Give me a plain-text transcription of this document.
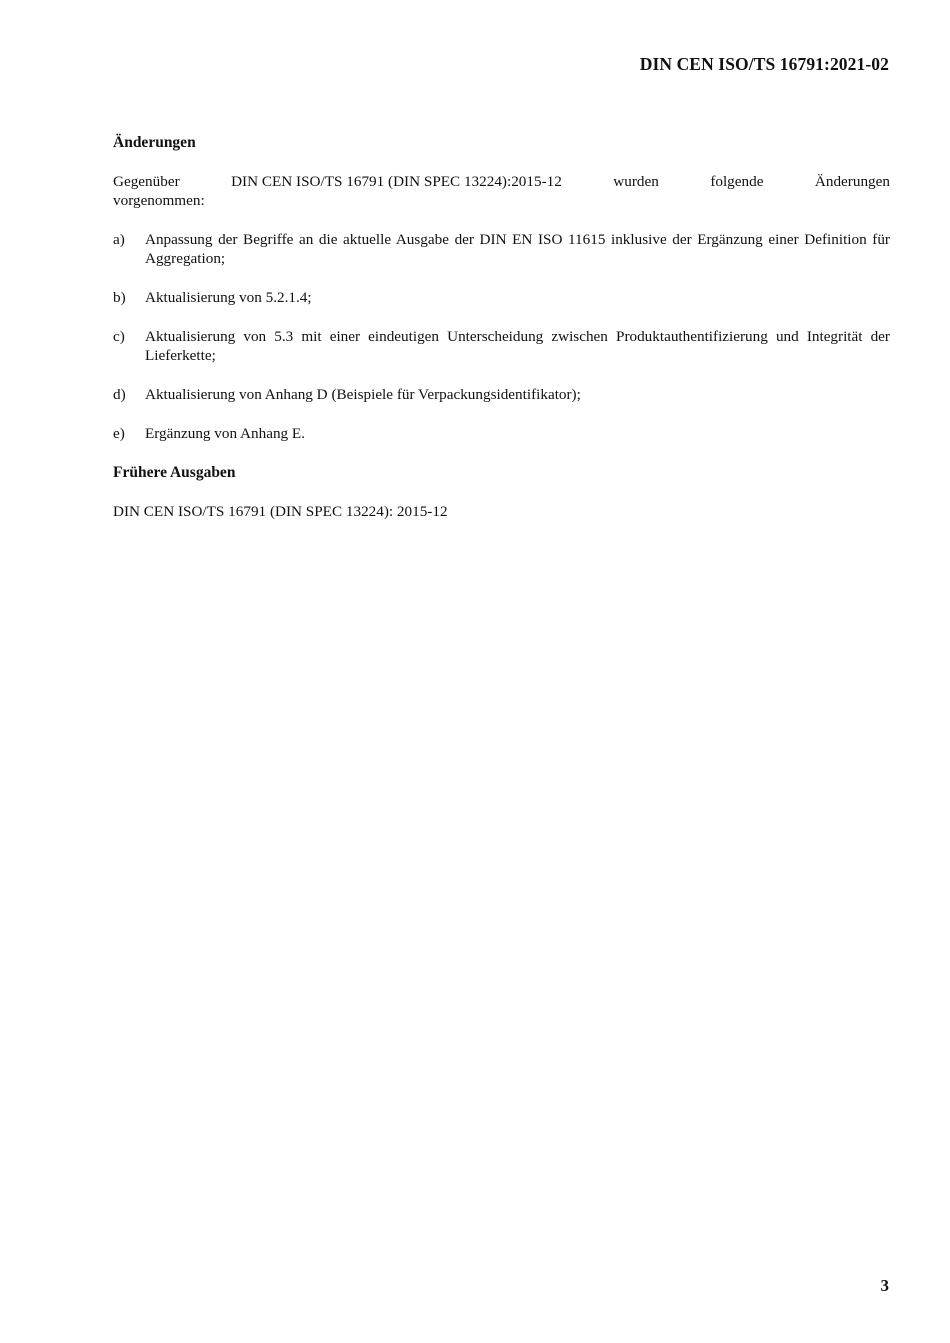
DIN CEN ISO/TS 16791:2021-02
Änderungen
Gegenüber	DIN CEN ISO/TS 16791 (DIN SPEC 13224):2015-12	wurden	folgende	Änderungen
vorgenommen:
a)	Anpassung der Begriffe an die aktuelle Ausgabe der DIN EN ISO 11615 inklusive der Ergänzung einer Definition für Aggregation;
b)	Aktualisierung von 5.2.1.4;
c)	Aktualisierung von 5.3 mit einer eindeutigen Unterscheidung zwischen Produktauthentifizierung und Integrität der Lieferkette;
d)	Aktualisierung von Anhang D (Beispiele für Verpackungsidentifikator);
e)	Ergänzung von Anhang E.
Frühere Ausgaben

DIN CEN ISO/TS 16791 (DIN SPEC 13224): 2015-12

3
